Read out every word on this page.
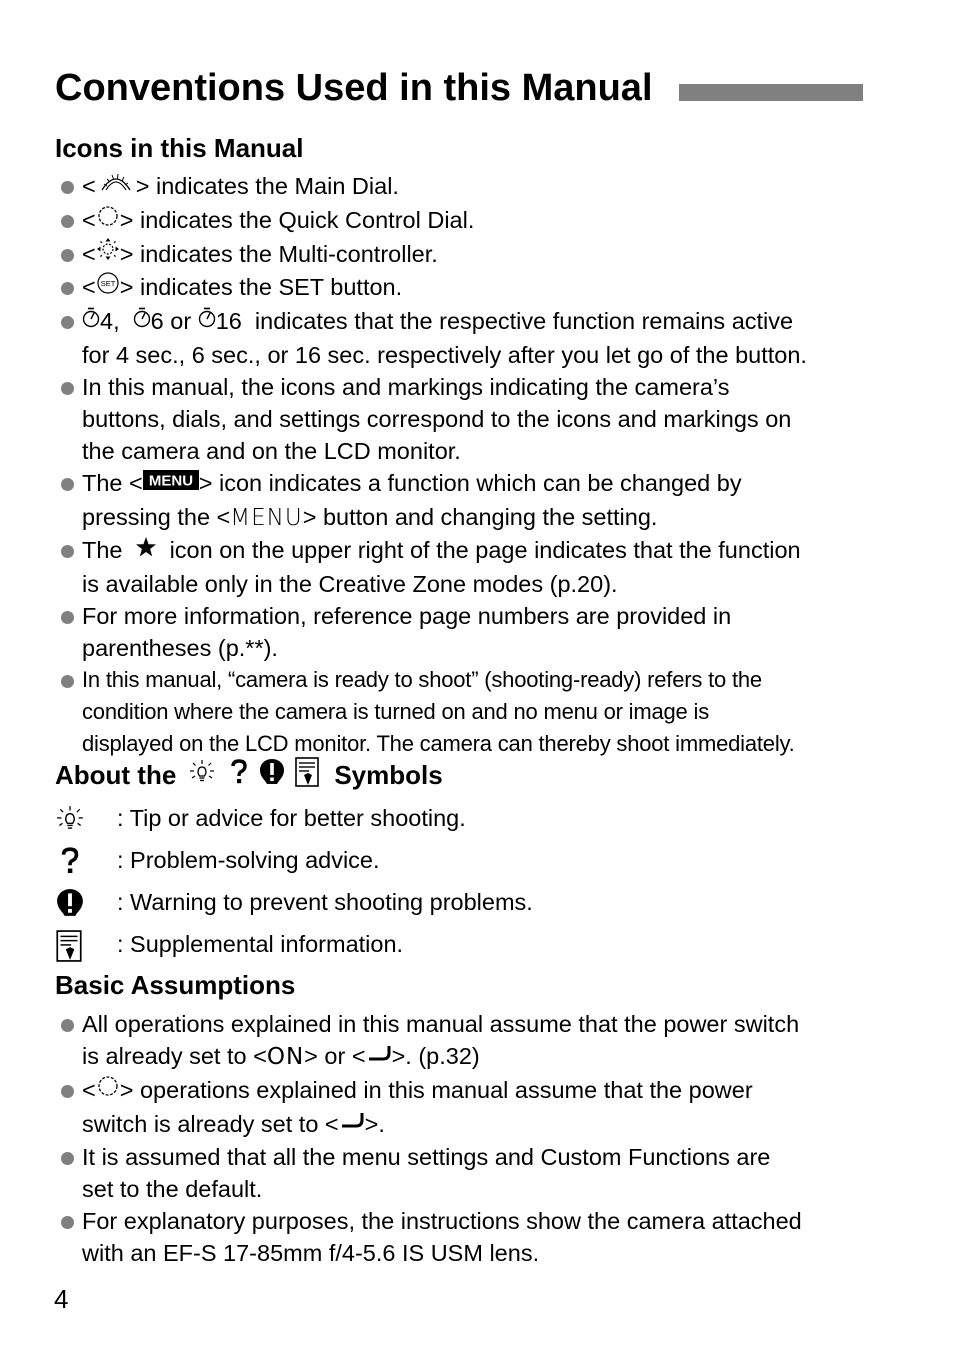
Conventions Used in this Manual
Icons in this Manual
< > indicates the Main Dial.
< > indicates the Quick Control Dial.
< > indicates the Multi-controller.
< SET > indicates the SET button.
4,  6 or 16 indicates that the respective function remains active
for 4 sec., 6 sec., or 16 sec. respectively after you let go of the button.
In this manual, the icons and markings indicating the camera’s
buttons, dials, and settings correspond to the icons and markings on
the camera and on the LCD monitor.
The < MENU > icon indicates a function which can be changed by
pressing the <MENU> button and changing the setting.
The icon on the upper right of the page indicates that the function
is available only in the Creative Zone modes (p.20).
For more information, reference page numbers are provided in
parentheses (p.**).
In this manual, “camera is ready to shoot” (shooting-ready) refers to the
condition where the camera is turned on and no menu or image is
displayed on the LCD monitor. The camera can thereby shoot immediately.
About the	Symbols
: Tip or advice for better shooting.
: Problem-solving advice.
: Warning to prevent shooting problems.
: Supplemental information.
Basic Assumptions
All operations explained in this manual assume that the power switch
is already set to <ON> or < >. (p.32)
< > operations explained in this manual assume that the power
switch is already set to < >.
It is assumed that all the menu settings and Custom Functions are
set to the default.
For explanatory purposes, the instructions show the camera attached
with an EF-S 17-85mm f/4-5.6 IS USM lens.
4
